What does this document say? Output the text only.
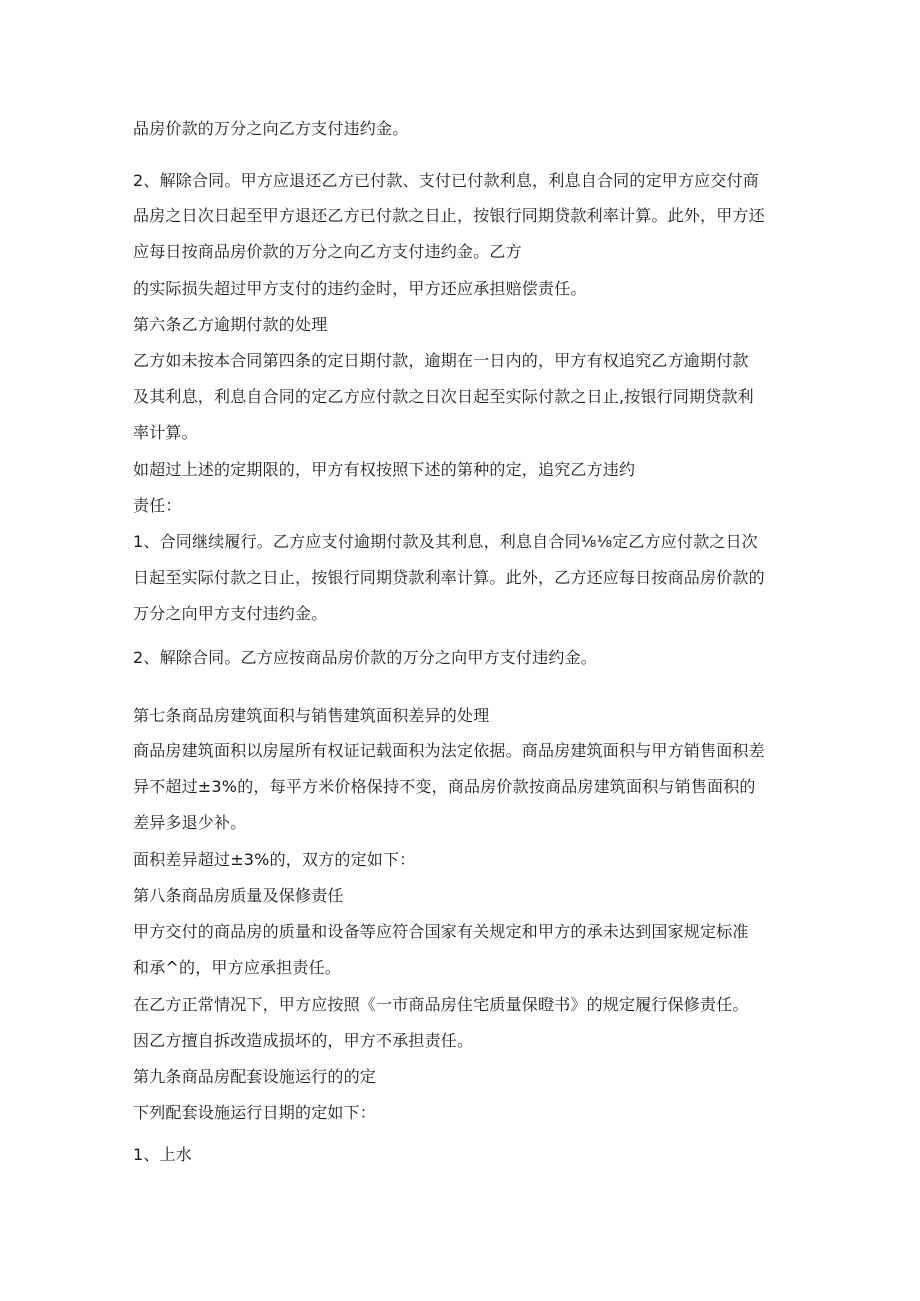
品房价款的万分之向乙方支付违约金。
2、解除合同。甲方应退还乙方已付款、支付已付款利息，利息自合同的定甲方应交付商
品房之日次日起至甲方退还乙方已付款之日止，按银行同期贷款利率计算。此外，甲方还
应每日按商品房价款的万分之向乙方支付违约金。乙方
的实际损失超过甲方支付的违约金时，甲方还应承担赔偿责任。
第六条乙方逾期付款的处理
乙方如未按本合同第四条的定日期付款，逾期在一日内的，甲方有权追究乙方逾期付款
及其利息，利息自合同的定乙方应付款之日次日起至实际付款之日止,按银行同期贷款利
率计算。
如超过上述的定期限的，甲方有权按照下述的第种的定，追究乙方违约
责任：
1、合同继续履行。乙方应支付逾期付款及其利息，利息自合同⅛⅛定乙方应付款之日次
日起至实际付款之日止，按银行同期贷款利率计算。此外，乙方还应每日按商品房价款的
万分之向甲方支付违约金。
2、解除合同。乙方应按商品房价款的万分之向甲方支付违约金。
第七条商品房建筑面积与销售建筑面积差异的处理
商品房建筑面积以房屋所有权证记载面积为法定依据。商品房建筑面积与甲方销售面积差
异不超过±3%的，每平方米价格保持不变，商品房价款按商品房建筑面积与销售面积的
差异多退少补。
面积差异超过±3%的，双方的定如下：
第八条商品房质量及保修责任
甲方交付的商品房的质量和设备等应符合国家有关规定和甲方的承未达到国家规定标准
和承^的，甲方应承担责任。
在乙方正常情况下，甲方应按照《一市商品房住宅质量保瞪书》的规定履行保修责任。
因乙方擅自拆改造成损坏的，甲方不承担责任。
第九条商品房配套设施运行的的定
下列配套设施运行日期的定如下：
1、上水
